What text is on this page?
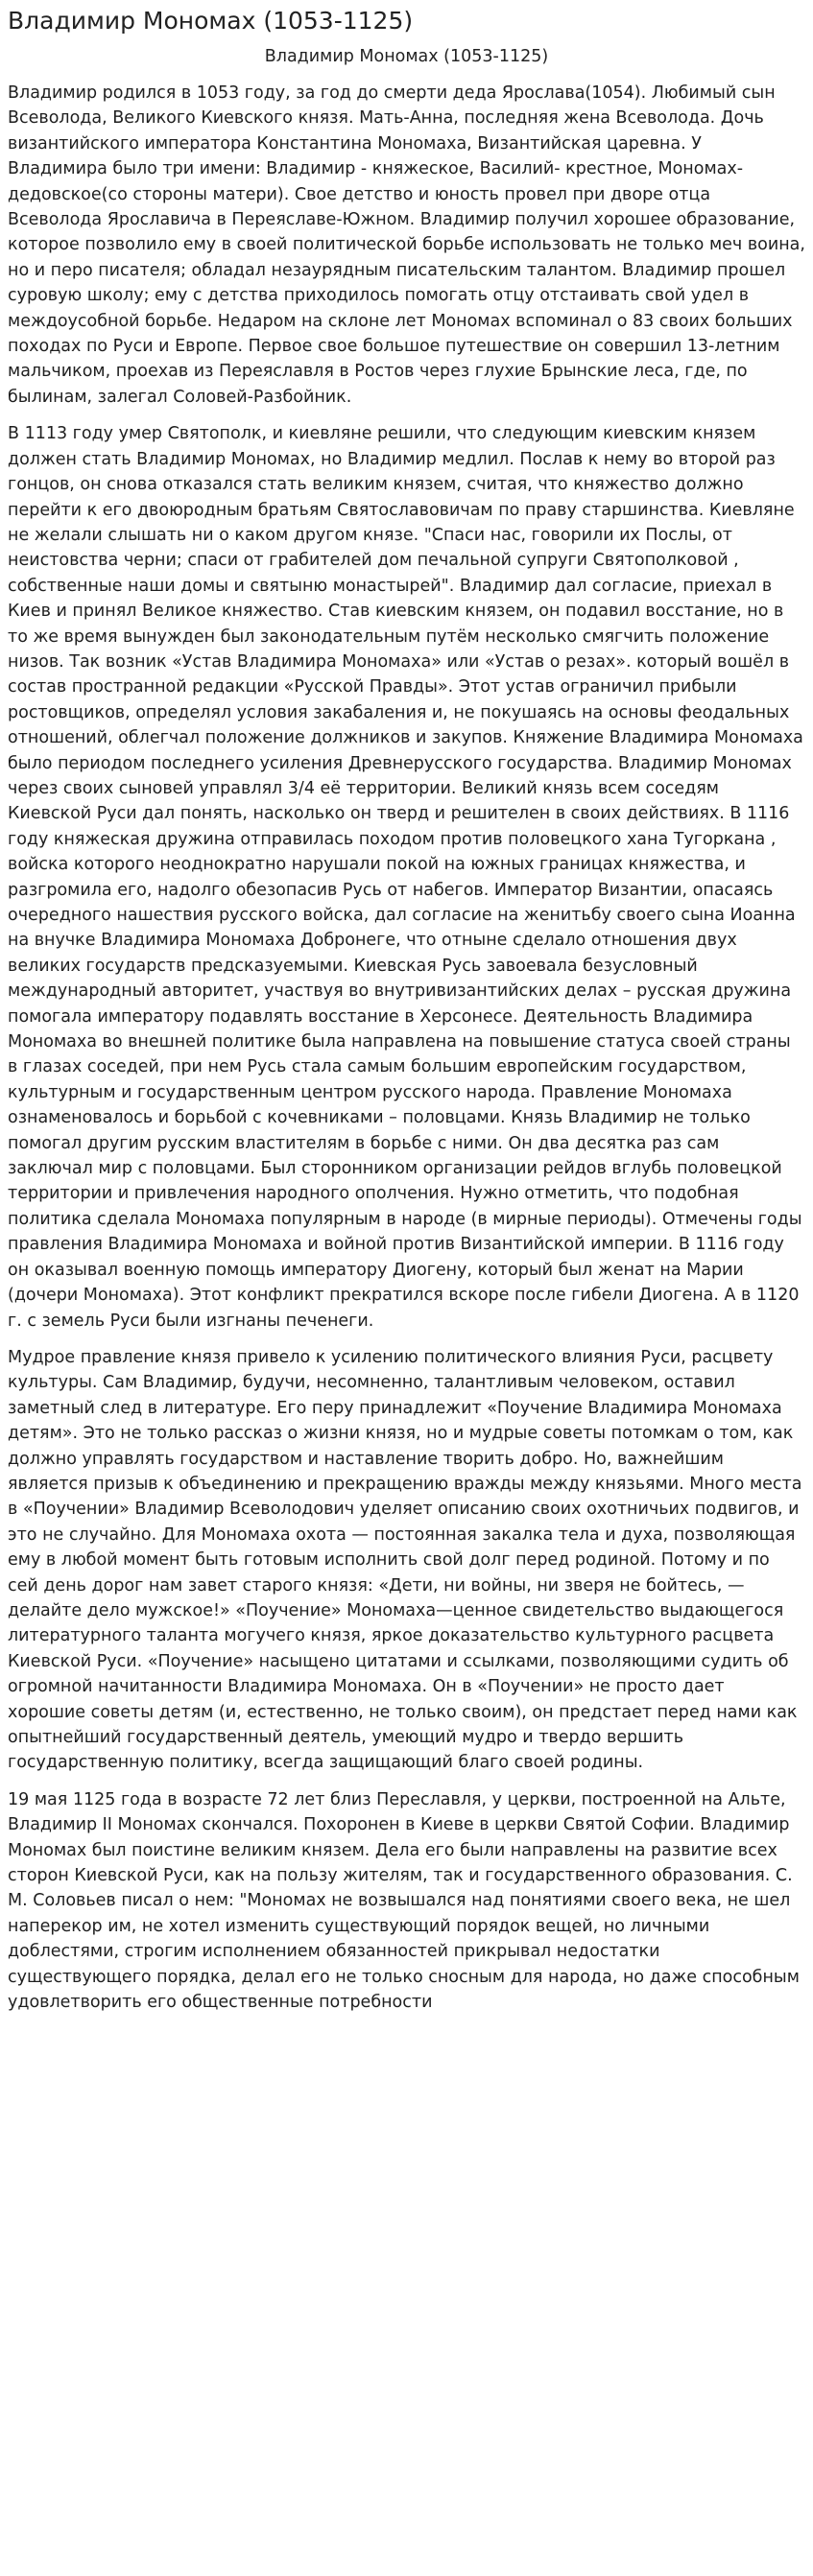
Владимир Мономах (1053-1125)
Владимир Мономах (1053-1125)

Владимир родился в 1053 году, за год до смерти деда Ярослава(1054). Любимый сын Всеволода, Великого Киевского князя. Мать-Анна, последняя жена Всеволода. Дочь византийского императора Константина Мономаха, Византийская царевна. У Владимира было три имени: Владимир - княжеское, Василий- крестное, Мономах- дедовское(со стороны матери). Свое детство и юность провел при дворе отца Всеволода Ярославича в Переяславе-Южном. Владимир получил хорошее образование, которое позволило ему в своей политической борьбе использовать не только меч воина, но и перо писателя; обладал незаурядным писательским талантом. Владимир прошел суровую школу; ему с детства приходилось помогать отцу отстаивать свой удел в междоусобной борьбе. Недаром на склоне лет Мономах вспоминал о 83 своих больших походах по Руси и Европе. Первое свое большое путешествие он совершил 13-летним мальчиком, проехав из Переяславля в Ростов через глухие Брынские леса, где, по былинам, залегал Соловей-Разбойник.

В 1113 году умер Святополк, и киевляне решили, что следующим киевским князем должен стать Владимир Мономах, но Владимир медлил. Послав к нему во второй раз гонцов, он снова отказался стать великим князем, считая, что княжество должно перейти к его двоюродным братьям Святославовичам по праву старшинства. Киевляне не желали слышать ни о каком другом князе. "Спаси нас, говорили их Послы, от неистовства черни; спаси от грабителей дом печальной супруги Святополковой , собственные наши домы и святыню монастырей". Владимир дал согласие, приехал в Киев и принял Великое княжество. Став киевским князем, он подавил восстание, но в то же время вынужден был законодательным путём несколько смягчить положение низов. Так возник «Устав Владимира Мономаха» или «Устав о резах». который вошёл в состав пространной редакции «Русской Правды». Этот устав ограничил прибыли ростовщиков, определял условия закабаления и, не покушаясь на основы феодальных отношений, облегчал положение должников и закупов. Княжение Владимира Мономаха было периодом последнего усиления Древнерусского государства. Владимир Мономах через своих сыновей управлял 3/4 её территории. Великий князь всем соседям Киевской Руси дал понять, насколько он тверд и решителен в своих действиях. В 1116 году княжеская дружина отправилась походом против половецкого хана Тугоркана , войска которого неоднократно нарушали покой на южных границах княжества, и разгромила его, надолго обезопасив Русь от набегов. Император Византии, опасаясь очередного нашествия русского войска, дал согласие на женитьбу своего сына Иоанна на внучке Владимира Мономаха Добронеге, что отныне сделало отношения двух великих государств предсказуемыми. Киевская Русь завоевала безусловный международный авторитет, участвуя во внутривизантийских делах – русская дружина помогала императору подавлять восстание в Херсонесе. Деятельность Владимира Мономаха во внешней политике была направлена на повышение статуса своей страны в глазах соседей, при нем Русь стала самым большим европейским государством, культурным и государственным центром русского народа. Правление Мономаха ознаменовалось и борьбой с кочевниками – половцами. Князь Владимир не только помогал другим русским властителям в борьбе с ними. Он два десятка раз сам заключал мир с половцами. Был сторонником организации рейдов вглубь половецкой территории и привлечения народного ополчения. Нужно отметить, что подобная политика сделала Мономаха популярным в народе (в мирные периоды). Отмечены годы правления Владимира Мономаха и войной против Византийской империи. В 1116 году он оказывал военную помощь императору Диогену, который был женат на Марии (дочери Мономаха). Этот конфликт прекратился вскоре после гибели Диогена. А в 1120 г. с земель Руси были изгнаны печенеги.

Мудрое правление князя привело к усилению политического влияния Руси, расцвету культуры. Сам Владимир, будучи, несомненно, талантливым человеком, оставил заметный след в литературе. Его перу принадлежит «Поучение Владимира Мономаха детям». Это не только рассказ о жизни князя, но и мудрые советы потомкам о том, как должно управлять государством и наставление творить добро. Но, важнейшим является призыв к объединению и прекращению вражды между князьями. Много места в «Поучении» Владимир Всеволодович уделяет описанию своих охотничьих подвигов, и это не случайно. Для Мономаха охота — постоянная закалка тела и духа, позволяющая ему в любой момент быть готовым исполнить свой долг перед родиной. Потому и по сей день дорог нам завет старого князя: «Дети, ни войны, ни зверя не бойтесь, — делайте дело мужское!» «Поучение» Мономаха—ценное свидетельство выдающегося литературного таланта могучего князя, яркое доказательство культурного расцвета Киевской Руси. «Поучение» насыщено цитатами и ссылками, позволяющими судить об огромной начитанности Владимира Мономаха. Он в «Поучении» не просто дает хорошие советы детям (и, естественно, не только своим), он предстает перед нами как опытнейший государственный деятель, умеющий мудро и твердо вершить государственную политику, всегда защищающий благо своей родины.

19 мая 1125 года в возрасте 72 лет близ Переславля, у церкви, построенной на Альте, Владимир II Мономах скончался. Похоронен в Киеве в церкви Святой Софии. Владимир Мономах был поистине великим князем. Дела его были направлены на развитие всех сторон Киевской Руси, как на пользу жителям, так и государственного образования. С. М. Соловьев писал о нем: "Мономах не возвышался над понятиями своего века, не шел наперекор им, не хотел изменить существующий порядок вещей, но личными доблестями, строгим исполнением обязанностей прикрывал недостатки существующего порядка, делал его не только сносным для народа, но даже способным удовлетворить его общественные потребности
